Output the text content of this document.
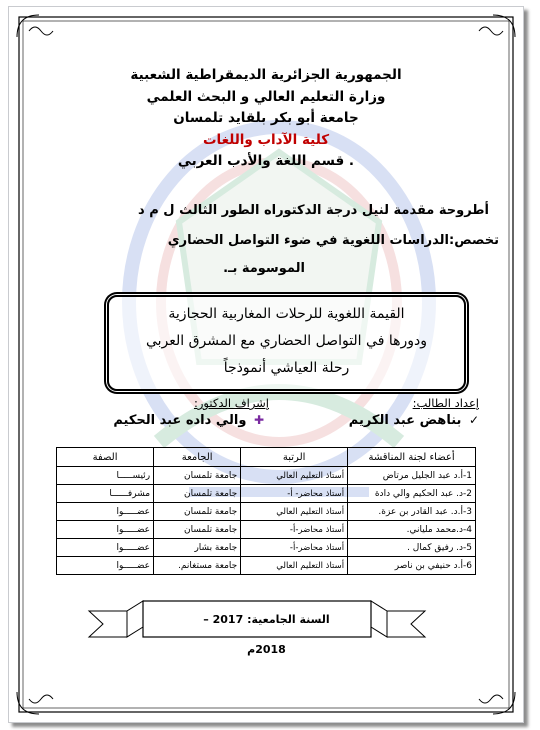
الجمهورية الجزائرية الديمقراطية الشعبية
وزارة التعليم العالي و البحث العلمي
جامعة أبو بكر بلقايد تلمسان
كلية الآداب واللغات
قسم اللغة والأدب العربي .
أطروحة مقدمة لنيل درجة الدكتوراه الطور الثالث ل م د
تخصص:الدراسات اللغوية في ضوء التواصل الحضاري
الموسومة بـ.
القيمة اللغوية للرحلات المغاربية الحجازية
ودورها في التواصل الحضاري مع المشرق العربي
رحلة العياشي أنموذجاً
إعداد الطالب:
إشراف الدكتور:
✓ بناهض عبد الكريم
✚ والي داده عبد الحكيم
أعضاء لجنة المناقشة	الرتبة	الجامعة	الصفة
1-أ.د عبد الجليل مرتاض	أستاذ التعليم العالي	جامعة تلمسان	رئيســـــا
2-د. عبد الحكيم والي دادة	أستاذ محاضر- أ-	جامعة تلمسان	مشرفــــــا
3-أ.د. عبد القادر بن عزة.	أستاذ التعليم العالي	جامعة تلمسان	عضـــــوا
4-د.محمد ملياني.	أستاذ محاضر-أ-	جامعة تلمسان	عضـــــوا
5-د. رفيق كمال .	أستاذ محاضر-أ-	جامعة بشار	عضـــــوا
6-أ.د حنيفي بن ناصر	أستاذ التعليم العالي	جامعة مستغانم.	عضـــــوا
السنة الجامعية: 2017 – 2018م
